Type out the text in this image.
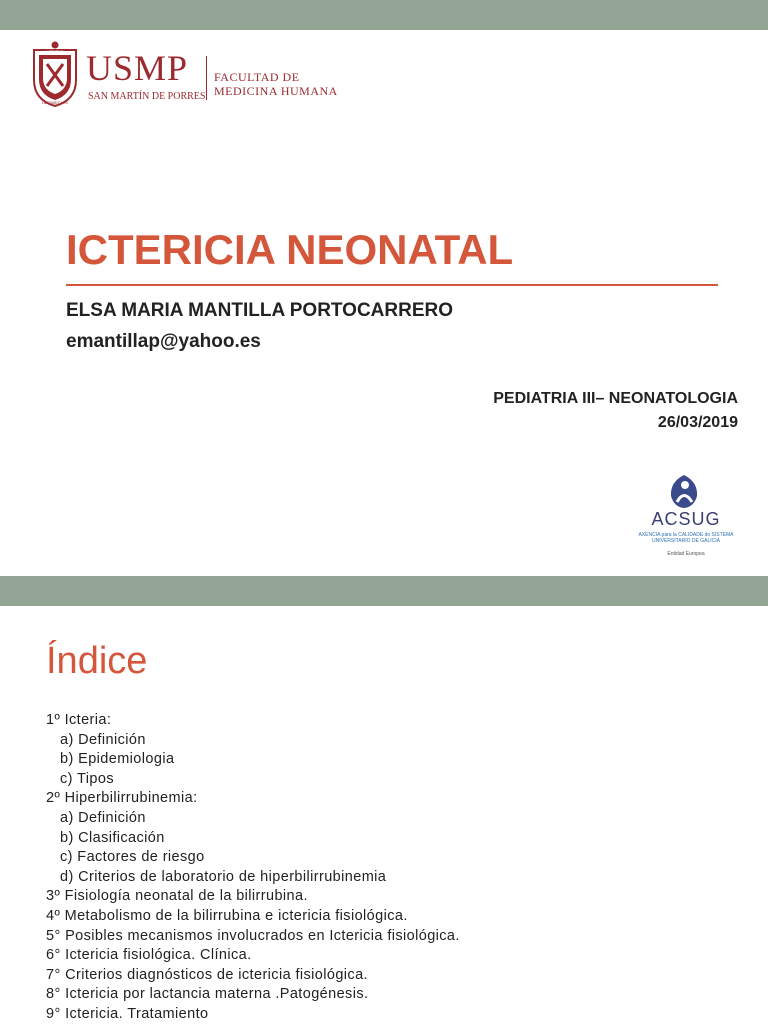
VERITAS
LIBERABIT VOS
USMP
SAN MARTÍN DE PORRES
FACULTAD DE
MEDICINA HUMANA
ICTERICIA NEONATAL
ELSA MARIA MANTILLA PORTOCARRERO
emantillap@yahoo.es
PEDIATRIA III– NEONATOLOGIA
26/03/2019
ACSUG
AXENCIA para la CALIDADE do SISTEMA
UNIVERSITARIO DE GALICIA
Entidad Europea
Índice
1º Icteria:
a) Definición
b) Epidemiologia
c) Tipos
2º Hiperbilirrubinemia:
a) Definición
b) Clasificación
c) Factores de riesgo
d) Criterios de laboratorio de hiperbilirrubinemia
3º Fisiología neonatal de la bilirrubina.
4º Metabolismo de la bilirrubina e ictericia fisiológica.
5° Posibles mecanismos involucrados en Ictericia fisiológica.
6° Ictericia fisiológica. Clínica.
7° Criterios diagnósticos de ictericia fisiológica.
8° Ictericia por lactancia materna .Patogénesis.
9° Ictericia. Tratamiento
